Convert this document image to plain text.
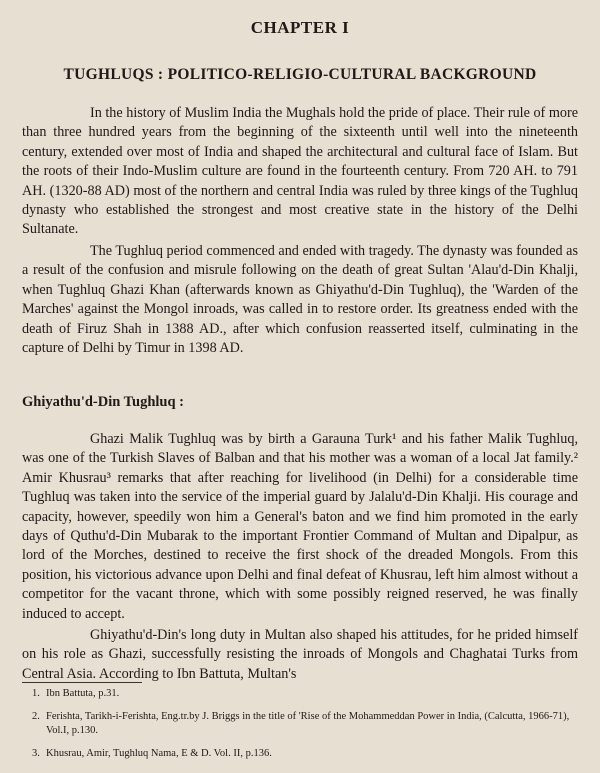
CHAPTER I
TUGHLUQS : POLITICO-RELIGIO-CULTURAL BACKGROUND

In the history of Muslim India the Mughals hold the pride of place. Their rule of more than three hundred years from the beginning of the sixteenth until well into the nineteenth century, extended over most of India and shaped the architectural and cultural face of Islam. But the roots of their Indo-Muslim culture are found in the fourteenth century. From 720 AH. to 791 AH. (1320-88 AD) most of the northern and central India was ruled by three kings of the Tughluq dynasty who established the strongest and most creative state in the history of the Delhi Sultanate.

The Tughluq period commenced and ended with tragedy. The dynasty was founded as a result of the confusion and misrule following on the death of great Sultan 'Alau'd-Din Khalji, when Tughluq Ghazi Khan (afterwards known as Ghiyathu'd-Din Tughluq), the 'Warden of the Marches' against the Mongol inroads, was called in to restore order. Its greatness ended with the death of Firuz Shah in 1388 AD., after which confusion reasserted itself, culminating in the capture of Delhi by Timur in 1398 AD.

Ghiyathu'd-Din Tughluq :

Ghazi Malik Tughluq was by birth a Garauna Turk¹ and his father Malik Tughluq, was one of the Turkish Slaves of Balban and that his mother was a woman of a local Jat family.² Amir Khusrau³ remarks that after reaching for livelihood (in Delhi) for a considerable time Tughluq was taken into the service of the imperial guard by Jalalu'd-Din Khalji. His courage and capacity, however, speedily won him a General's baton and we find him promoted in the early days of Quthu'd-Din Mubarak to the important Frontier Command of Multan and Dipalpur, as lord of the Morches, destined to receive the first shock of the dreaded Mongols. From this position, his victorious advance upon Delhi and final defeat of Khusrau, left him almost without a competitor for the vacant throne, which with some possibly reigned reserved, he was finally induced to accept.

Ghiyathu'd-Din's long duty in Multan also shaped his attitudes, for he prided himself on his role as Ghazi, successfully resisting the inroads of Mongols and Chaghatai Turks from Central Asia. According to Ibn Battuta, Multan's

1. Ibn Battuta, p.31.

2. Ferishta, Tarikh-i-Ferishta, Eng.tr.by J. Briggs in the title of 'Rise of the Mohammeddan Power in India, (Calcutta, 1966-71), Vol.I, p.130.

3. Khusrau, Amir, Tughluq Nama, E & D. Vol. II, p.136.
